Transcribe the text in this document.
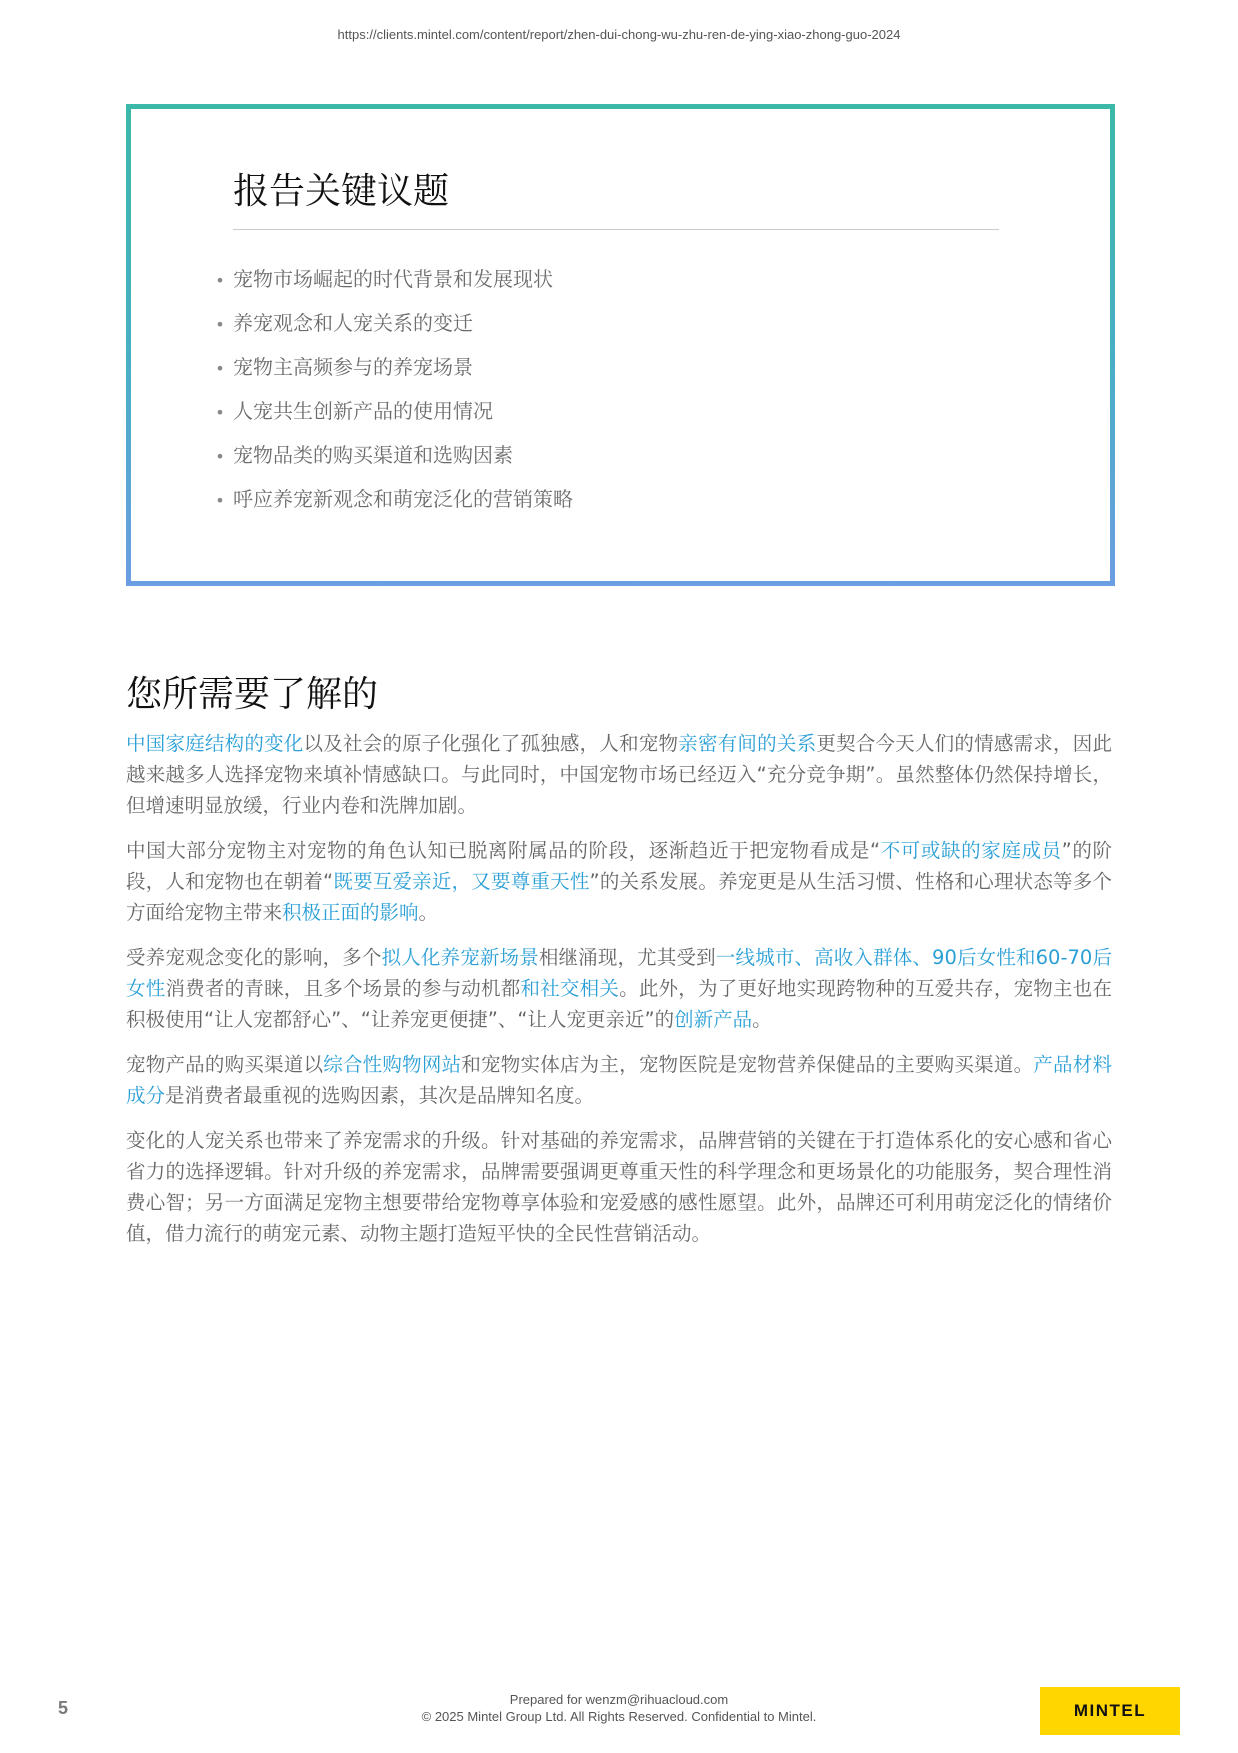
https://clients.mintel.com/content/report/zhen-dui-chong-wu-zhu-ren-de-ying-xiao-zhong-guo-2024
报告关键议题
• 宠物市场崛起的时代背景和发展现状
• 养宠观念和人宠关系的变迁
• 宠物主高频参与的养宠场景
• 人宠共生创新产品的使用情况
• 宠物品类的购买渠道和选购因素
• 呼应养宠新观念和萌宠泛化的营销策略
您所需要了解的

中国家庭结构的变化以及社会的原子化强化了孤独感，人和宠物亲密有间的关系更契合今天人们的情感需求，因此越来越多人选择宠物来填补情感缺口。与此同时，中国宠物市场已经迈入“充分竞争期”。虽然整体仍然保持增长，但增速明显放缓，行业内卷和洗牌加剧。

中国大部分宠物主对宠物的角色认知已脱离附属品的阶段，逐渐趋近于把宠物看成是“不可或缺的家庭成员”的阶段，人和宠物也在朝着“既要互爱亲近，又要尊重天性”的关系发展。养宠更是从生活习惯、性格和心理状态等多个方面给宠物主带来积极正面的影响。

受养宠观念变化的影响，多个拟人化养宠新场景相继涌现，尤其受到一线城市、高收入群体、90后女性和60-70后女性消费者的青睐，且多个场景的参与动机都和社交相关。此外，为了更好地实现跨物种的互爱共存，宠物主也在积极使用“让人宠都舒心”、“让养宠更便捷”、“让人宠更亲近”的创新产品。

宠物产品的购买渠道以综合性购物网站和宠物实体店为主，宠物医院是宠物营养保健品的主要购买渠道。产品材料成分是消费者最重视的选购因素，其次是品牌知名度。

变化的人宠关系也带来了养宠需求的升级。针对基础的养宠需求，品牌营销的关键在于打造体系化的安心感和省心省力的选择逻辑。针对升级的养宠需求，品牌需要强调更尊重天性的科学理念和更场景化的功能服务，契合理性消费心智；另一方面满足宠物主想要带给宠物尊享体验和宠爱感的感性愿望。此外，品牌还可利用萌宠泛化的情绪价值，借力流行的萌宠元素、动物主题打造短平快的全民性营销活动。

5	Prepared for wenzm@rihuacloud.com
© 2025 Mintel Group Ltd. All Rights Reserved. Confidential to Mintel.	MINTEL
